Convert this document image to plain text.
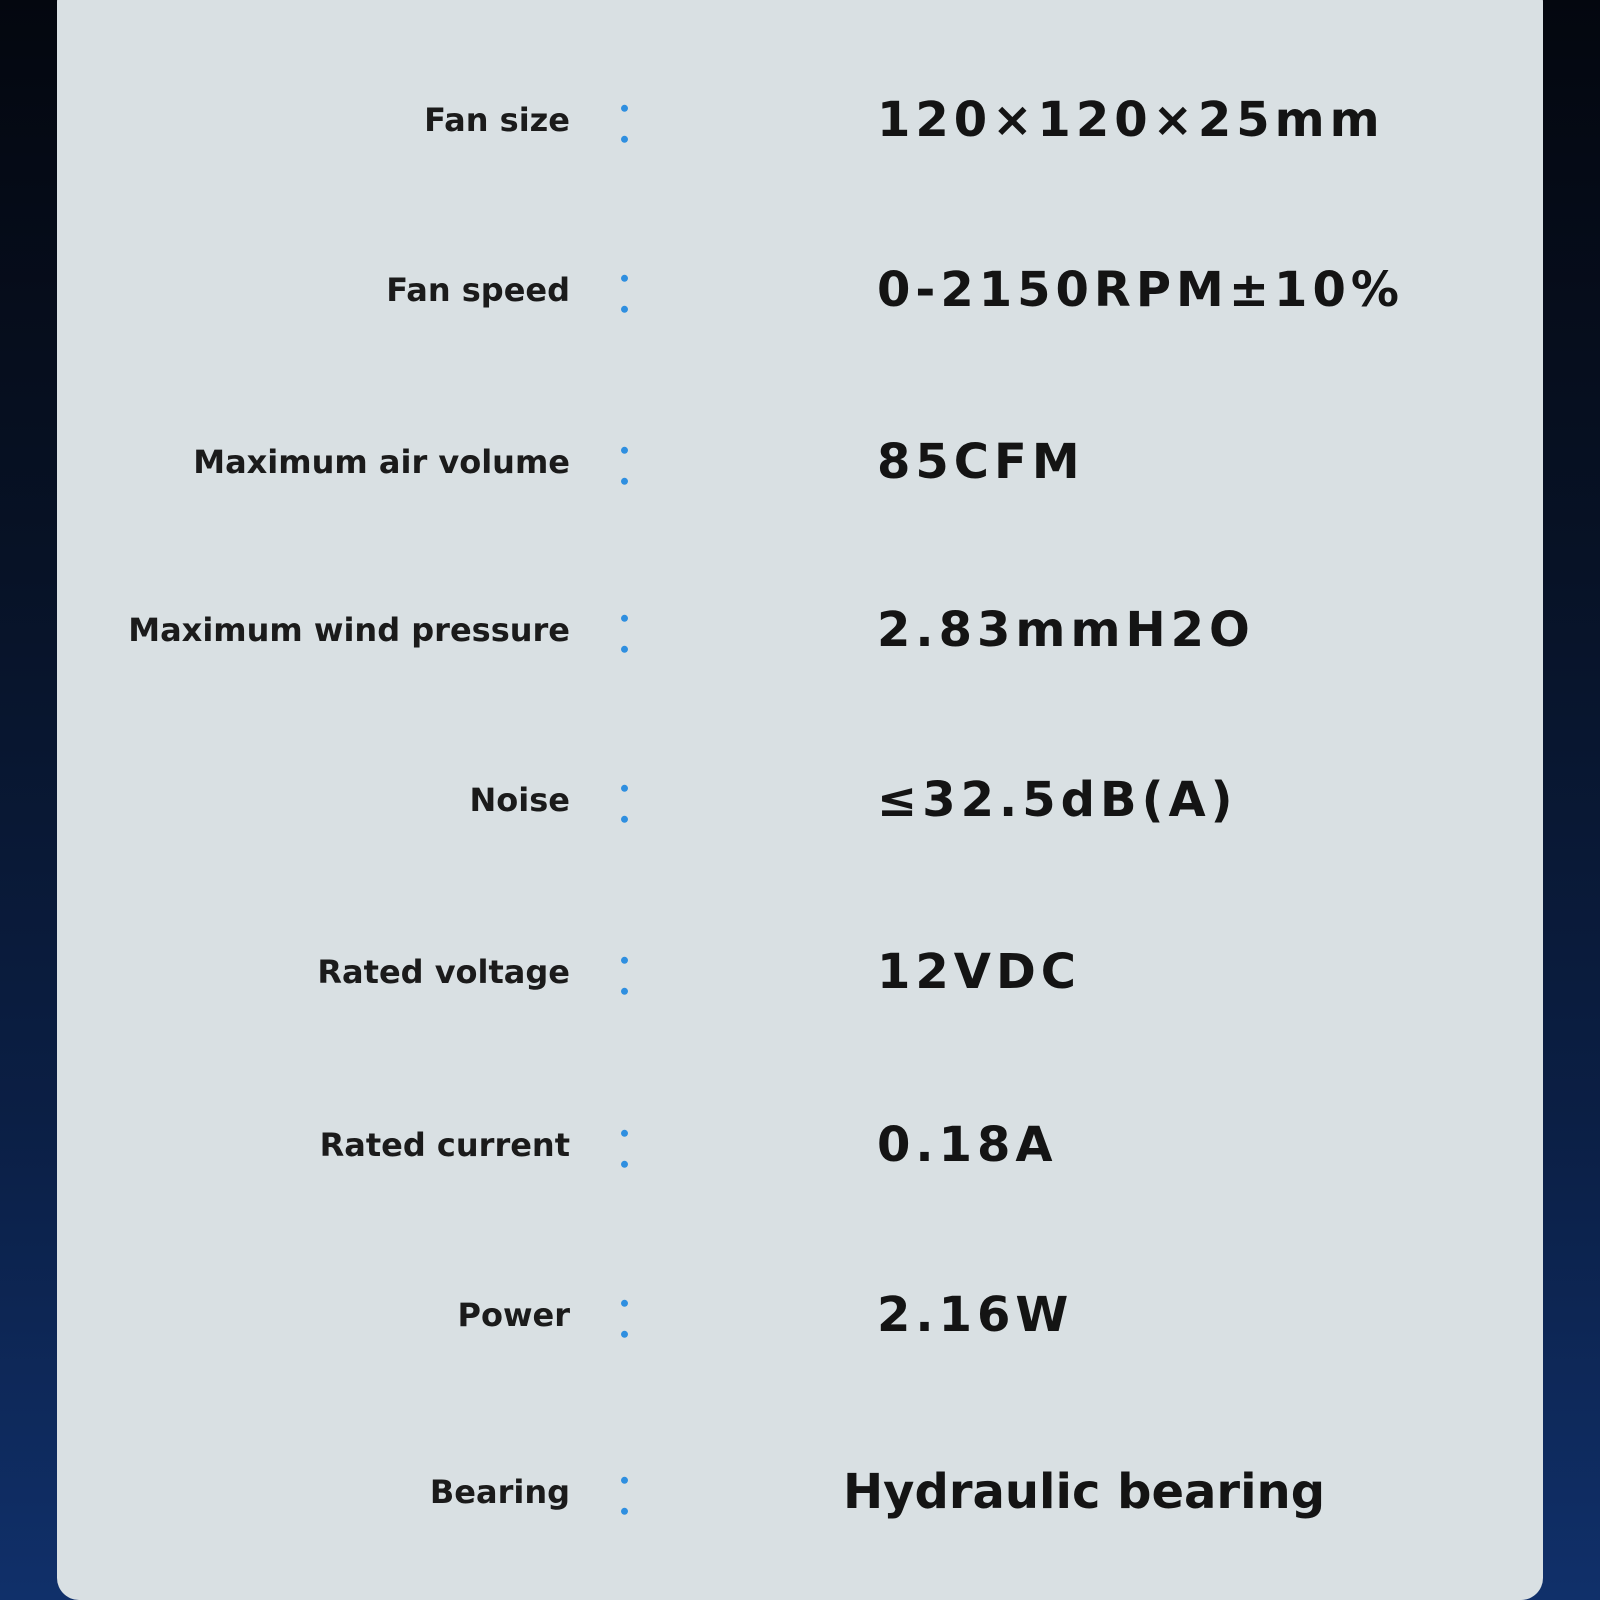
Fan size	120×120×25mm
Fan speed	0-2150RPM±10%
Maximum air volume	85CFM
Maximum wind pressure	2.83mmH2O
Noise	≤32.5dB(A)
Rated voltage	12VDC
Rated current	0.18A
Power	2.16W
Bearing	Hydraulic bearing
